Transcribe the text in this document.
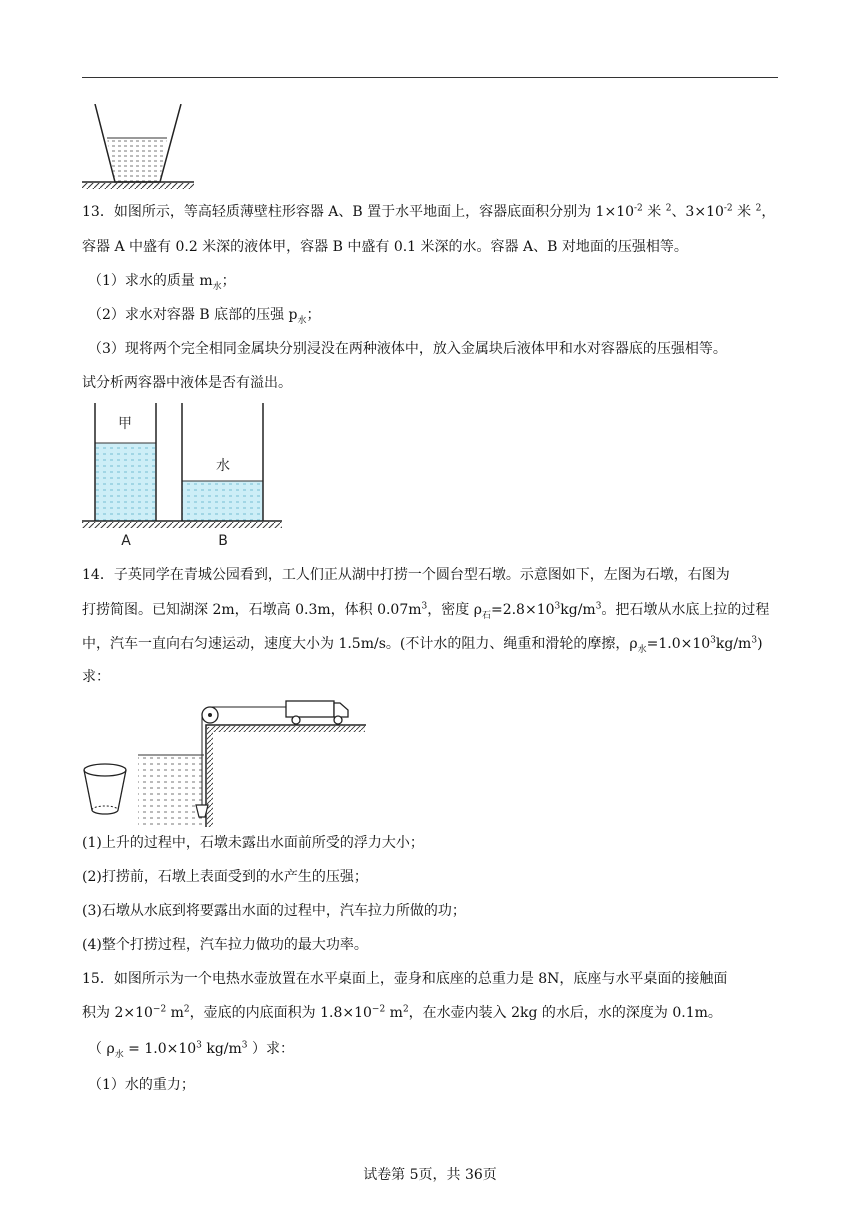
13．如图所示，等高轻质薄壁柱形容器 A、B 置于水平地面上，容器底面积分别为 $1\times 10^{-2}$ 米 $^2$、$3\times 10^{-2}$ 米 $^2$，
容器 A 中盛有 0.2 米深的液体甲，容器 B 中盛有 0.1 米深的水。容器 A、B 对地面的压强相等。
（1）求水的质量 $m_水$；
（2）求水对容器 B 底部的压强 $p_水$；
（3）现将两个完全相同金属块分别浸没在两种液体中，放入金属块后液体甲和水对容器底的压强相等。
试分析两容器中液体是否有溢出。
甲
水
A	B
14．子英同学在青城公园看到，工人们正从湖中打捞一个圆台型石墩。示意图如下，左图为石墩，右图为
打捞简图。已知湖深 2m，石墩高 0.3m，体积 $0.07m^3$，密度 $\rho_石=2.8\times 10^3kg/m^3$。把石墩从水底上拉的过程
中，汽车一直向右匀速运动，速度大小为 1.5m/s。(不计水的阻力、绳重和滑轮的摩擦，$\rho_水=1.0\times 10^3kg/m^3$)
求：
(1)上升的过程中，石墩未露出水面前所受的浮力大小；
(2)打捞前，石墩上表面受到的水产生的压强；
(3)石墩从水底到将要露出水面的过程中，汽车拉力所做的功；
(4)整个打捞过程，汽车拉力做功的最大功率。
15．如图所示为一个电热水壶放置在水平桌面上，壶身和底座的总重力是 8N，底座与水平桌面的接触面
积为 $2\times 10^{-2}$ $m^2$，壶底的内底面积为 $1.8\times 10^{-2}$ $m^2$，在水壶内装入 2kg 的水后，水的深度为 0.1m。
（ $\rho_水 = 1.0\times 10^3$ $kg/m^3$ ）求：
（1）水的重力；
试卷第 5页，共 36页
